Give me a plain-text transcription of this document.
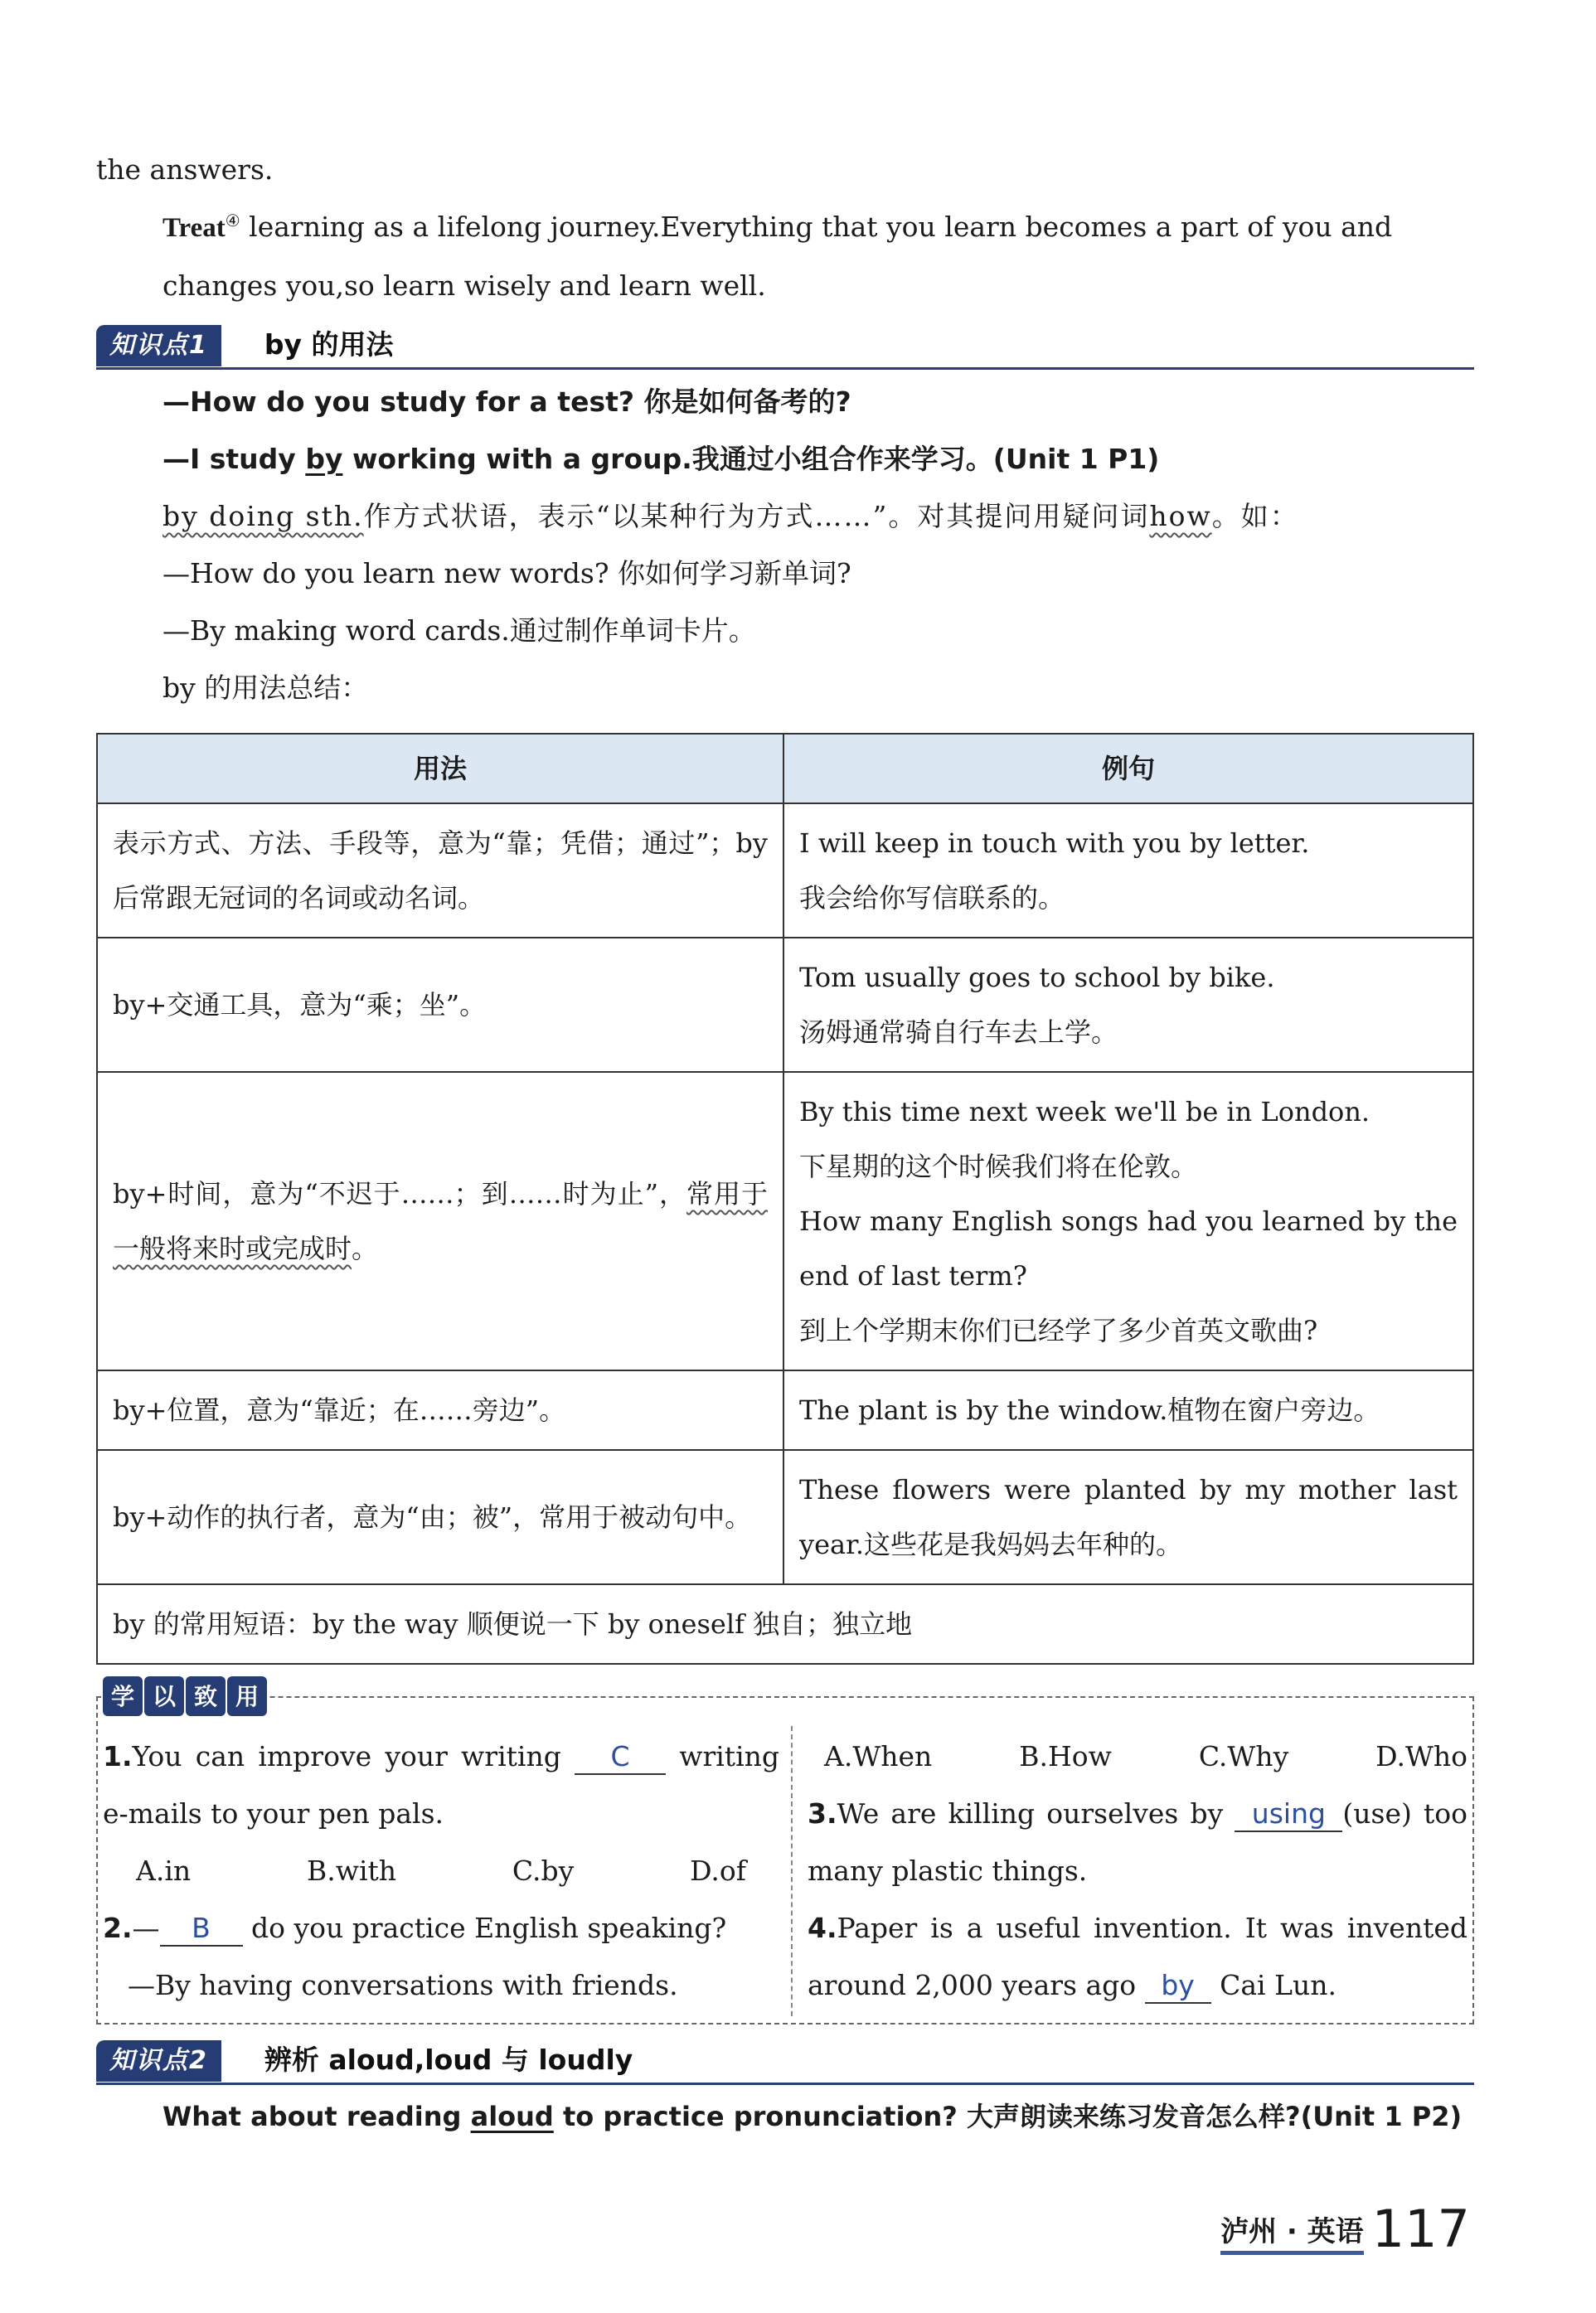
the answers.

Treat④ learning as a lifelong journey.Everything that you learn becomes a part of you and changes you,so learn wisely and learn well.

知识点1	by 的用法

—How do you study for a test? 你是如何备考的?

—I study by working with a group.我通过小组合作来学习。(Unit 1 P1)

by doing sth.作方式状语，表示“以某种行为方式……”。对其提问用疑问词how。如：

—How do you learn new words? 你如何学习新单词?

—By making word cards.通过制作单词卡片。

by 的用法总结：

用法	例句
表示方式、方法、手段等，意为“靠；凭借；通过”；by 后常跟无冠词的名词或动名词。	I will keep in touch with you by letter.
我会给你写信联系的。

by+交通工具，意为“乘；坐”。	Tom usually goes to school by bike.
汤姆通常骑自行车去上学。

by+时间，意为“不迟于……；到……时为止”，常用于一般将来时或完成时。	By this time next week we'll be in London.
下星期的这个时候我们将在伦敦。
How many English songs had you learned by the end of last term?
到上个学期末你们已经学了多少首英文歌曲?

by+位置，意为“靠近；在……旁边”。	The plant is by the window.植物在窗户旁边。

by+动作的执行者，意为“由；被”，常用于被动句中。	These flowers were planted by my mother last year.这些花是我妈妈去年种的。

by 的常用短语：by the way 顺便说一下 by oneself 独自；独立地	
学 以 致 用
1.You can improve your writing C writing e-mails to your pen pals.
A.in	B.with	C.by	D.of
2.— B do you practice English speaking?
—By having conversations with friends.
A.When	B.How	C.Why	D.Who
3.We are killing ourselves by using (use) too many plastic things.
4.Paper is a useful invention. It was invented around 2,000 years ago by Cai Lun.
知识点2	辨析 aloud,loud 与 loudly

What about reading aloud to practice pronunciation? 大声朗读来练习发音怎么样?(Unit 1 P2)

泸州 · 英语 117
